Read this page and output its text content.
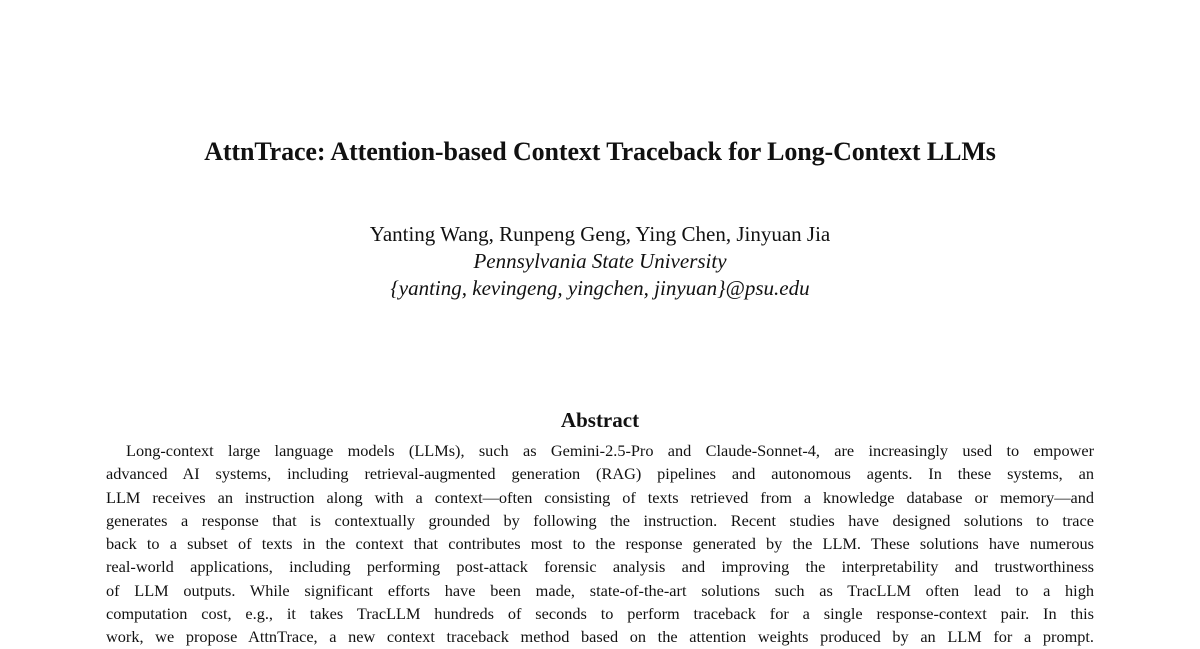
AttnTrace: Attention-based Context Traceback for Long-Context LLMs
Yanting Wang, Runpeng Geng, Ying Chen, Jinyuan Jia
Pennsylvania State University
{yanting, kevingeng, yingchen, jinyuan}@psu.edu
Abstract
Long-context large language models (LLMs), such as Gemini-2.5-Pro and Claude-Sonnet-4, are increasingly used to empower
advanced AI systems, including retrieval-augmented generation (RAG) pipelines and autonomous agents. In these systems, an
LLM receives an instruction along with a context—often consisting of texts retrieved from a knowledge database or memory—and
generates a response that is contextually grounded by following the instruction. Recent studies have designed solutions to trace
back to a subset of texts in the context that contributes most to the response generated by the LLM. These solutions have numerous
real-world applications, including performing post-attack forensic analysis and improving the interpretability and trustworthiness
of LLM outputs. While significant efforts have been made, state-of-the-art solutions such as TracLLM often lead to a high
computation cost, e.g., it takes TracLLM hundreds of seconds to perform traceback for a single response-context pair. In this
work, we propose AttnTrace, a new context traceback method based on the attention weights produced by an LLM for a prompt.
